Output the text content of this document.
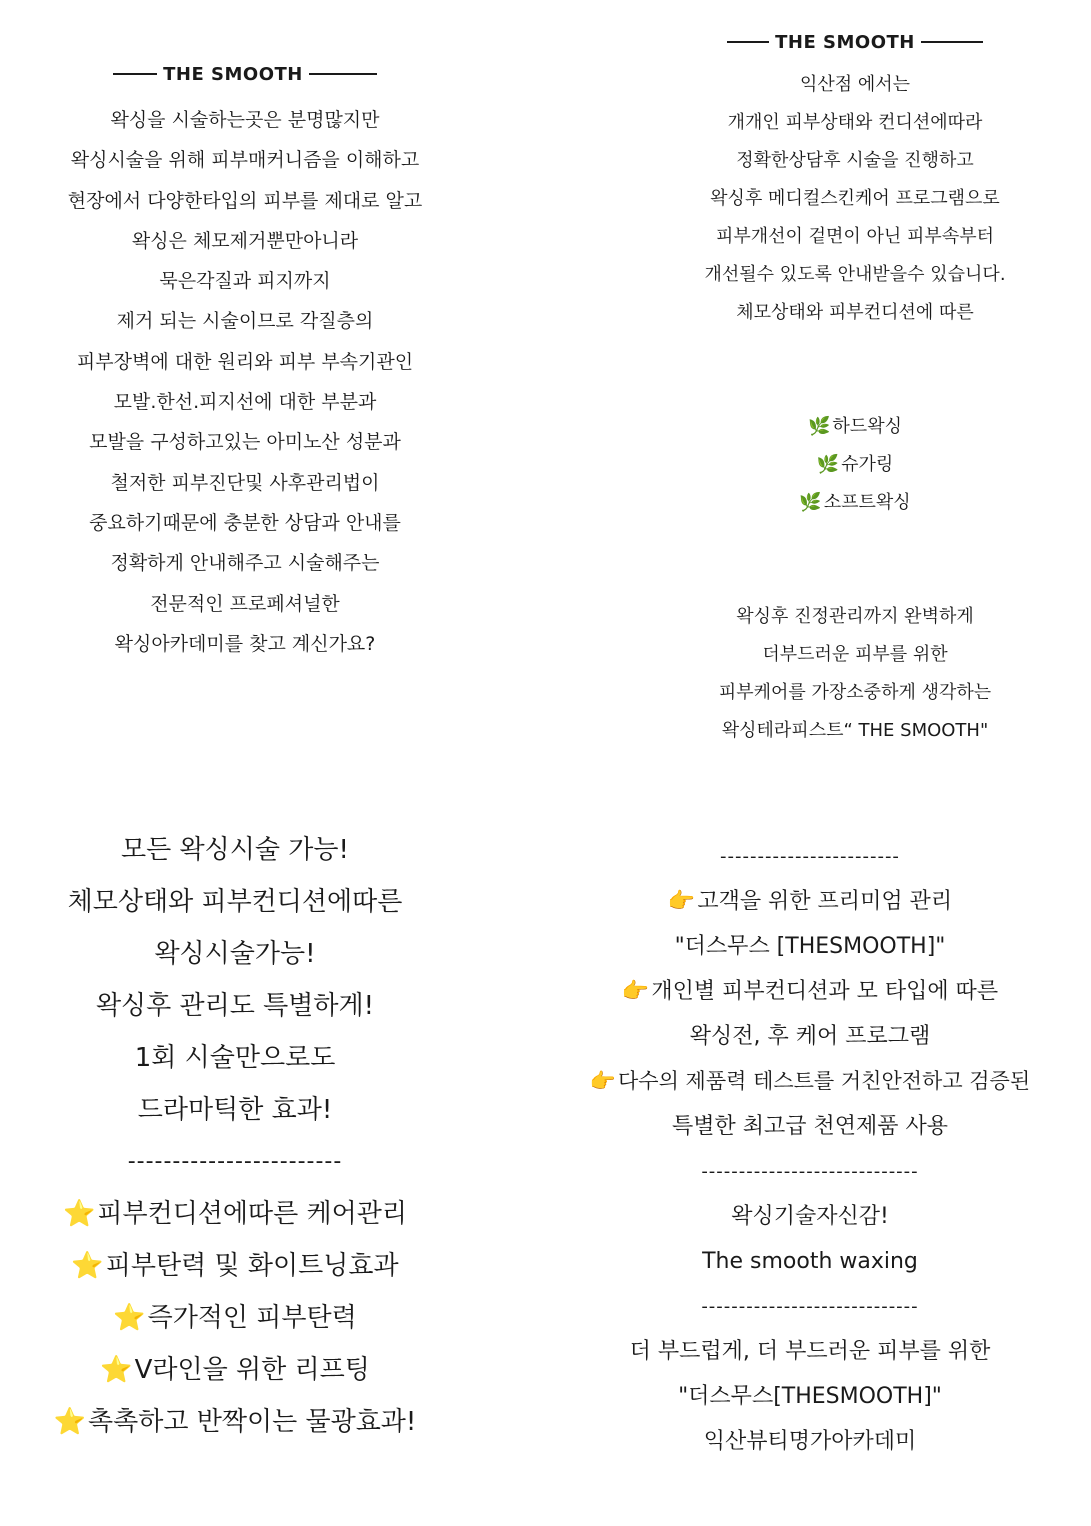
THE SMOOTH
왁싱을 시술하는곳은 분명많지만
왁싱시술을 위해 피부매커니즘을 이해하고
현장에서 다양한타입의 피부를 제대로 알고
왁싱은 체모제거뿐만아니라
묵은각질과 피지까지
제거 되는 시술이므로 각질층의
피부장벽에 대한 원리와 피부 부속기관인
모발.한선.피지선에 대한 부분과
모발을 구성하고있는 아미노산 성분과
철저한 피부진단및 사후관리법이
중요하기때문에 충분한 상담과 안내를
정확하게 안내해주고 시술해주는
전문적인 프로페셔널한
왁싱아카데미를 찾고 계신가요?
THE SMOOTH
익산점 에서는
개개인 피부상태와 컨디션에따라
정확한상담후 시술을 진행하고
왁싱후 메디컬스킨케어 프로그램으로
피부개선이 겉면이 아닌 피부속부터
개선될수 있도록 안내받을수 있습니다.
체모상태와 피부컨디션에 따른
🌿 하드왁싱
🌿 슈가링
🌿 소프트왁싱
왁싱후 진정관리까지 완벽하게
더부드러운 피부를 위한
피부케어를 가장소중하게 생각하는
왁싱테라피스트“ THE SMOOTH"
모든 왁싱시술 가능!
체모상태와 피부컨디션에따른
왁싱시술가능!
왁싱후 관리도 특별하게!
1회 시술만으로도
드라마틱한 효과!
------------------------
⭐피부컨디션에따른 케어관리
⭐피부탄력 및 화이트닝효과
⭐즉가적인 피부탄력
⭐V라인을 위한 리프팅
⭐촉촉하고 반짝이는 물광효과!
------------------------
👉고객을 위한 프리미엄 관리
"더스무스 [THESMOOTH]"
👉개인별 피부컨디션과 모 타입에 따른
왁싱전, 후 케어 프로그램
👉다수의 제품력 테스트를 거친안전하고 검증된
특별한 최고급 천연제품 사용
-----------------------------
왁싱기술자신감!
The smooth waxing
-----------------------------
더 부드럽게, 더 부드러운 피부를 위한
"더스무스[THESMOOTH]"
익산뷰티명가아카데미
